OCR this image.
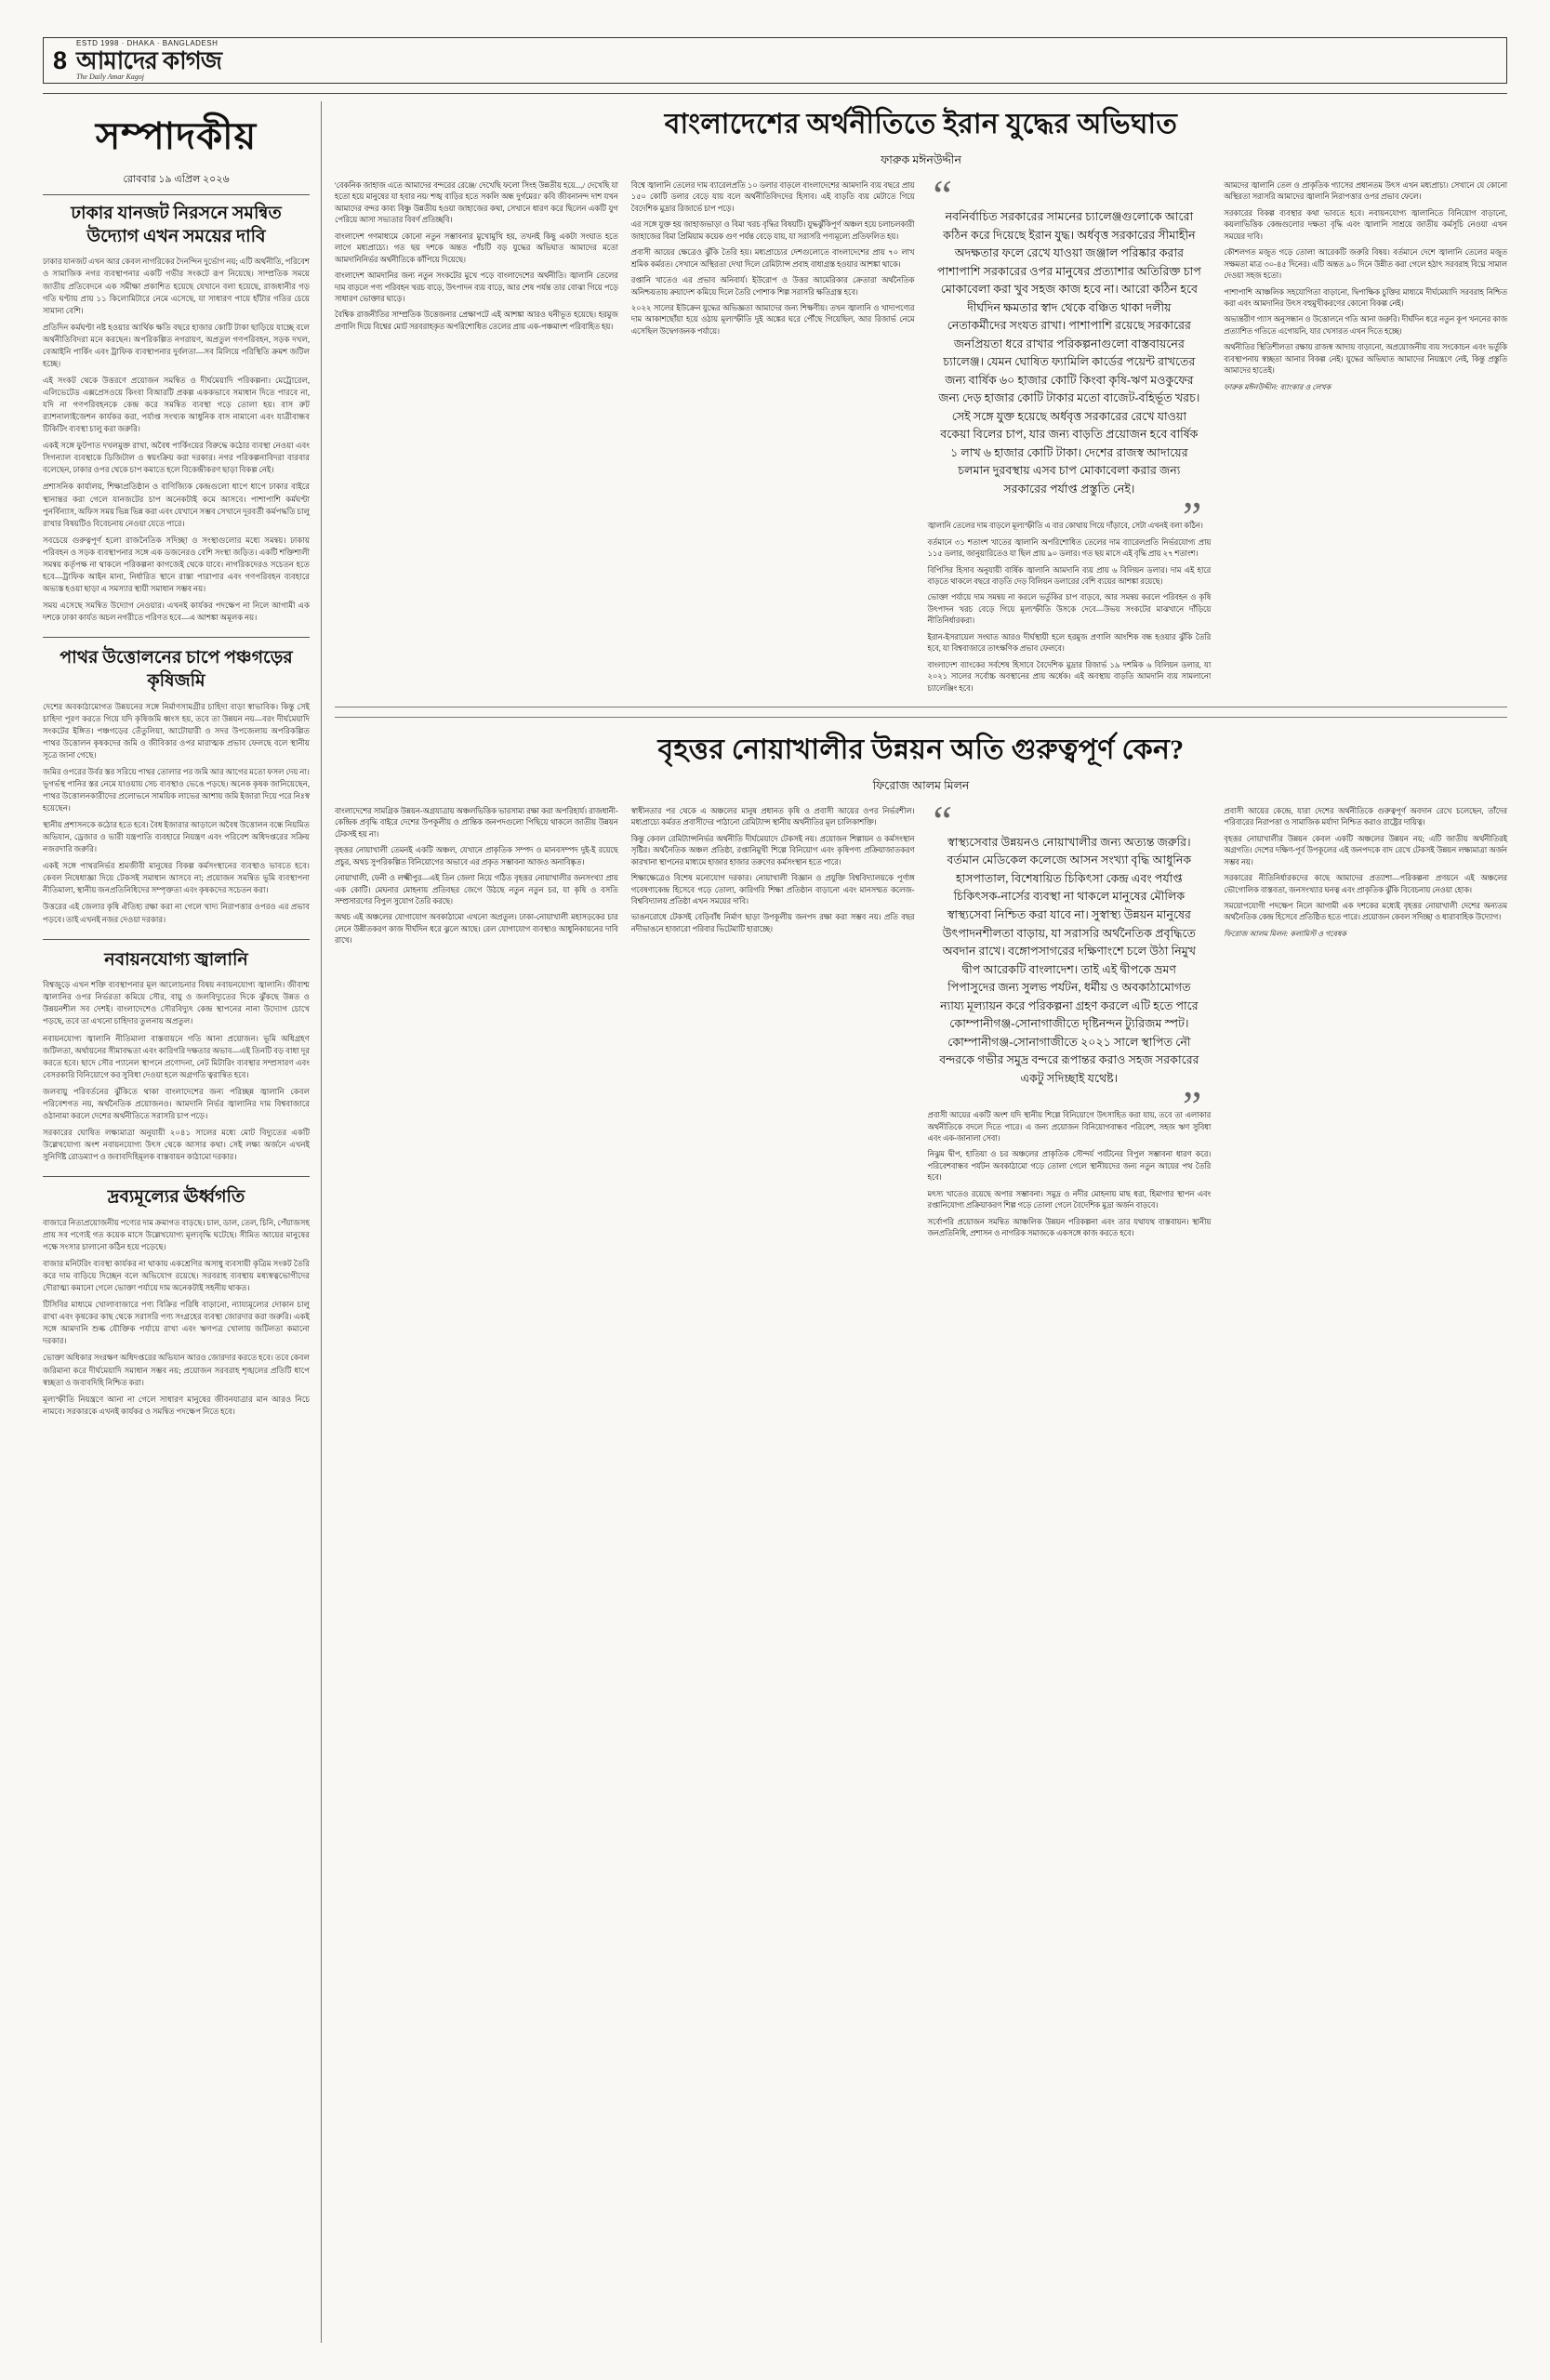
8
ESTD 1998 · DHAKA · BANGLADESH
আমাদের কাগজ
The Daily Amar Kagoj
সম্পাদকীয়
রোববার ১৯ এপ্রিল ২০২৬
ঢাকার যানজট নিরসনে সমন্বিত উদ্যোগ এখন সময়ের দাবি

ঢাকার যানজট এখন আর কেবল নাগরিকের দৈনন্দিন দুর্ভোগ নয়; এটি অর্থনীতি, পরিবেশ ও সামাজিক নগর ব্যবস্থাপনার একটি গভীর সংকটে রূপ নিয়েছে। সাম্প্রতিক সময়ে জাতীয় প্রতিবেদনে এক সমীক্ষা প্রকাশিত হয়েছে যেখানে বলা হয়েছে, রাজধানীর গড় গতি ঘণ্টায় প্রায় ১১ কিলোমিটারে নেমে এসেছে, যা সাধারণ পায়ে হাঁটার গতির চেয়ে সামান্য বেশি।

প্রতিদিন কর্মঘণ্টা নষ্ট হওয়ার আর্থিক ক্ষতি বছরে হাজার কোটি টাকা ছাড়িয়ে যাচ্ছে বলে অর্থনীতিবিদরা মনে করছেন। অপরিকল্পিত নগরায়ণ, অপ্রতুল গণপরিবহন, সড়ক দখল, বেআইনি পার্কিং এবং ট্রাফিক ব্যবস্থাপনার দুর্বলতা—সব মিলিয়ে পরিস্থিতি ক্রমশ জটিল হচ্ছে।

এই সংকট থেকে উত্তরণে প্রয়োজন সমন্বিত ও দীর্ঘমেয়াদি পরিকল্পনা। মেট্রোরেল, এলিভেটেড এক্সপ্রেসওয়ে কিংবা বিআরটি প্রকল্প এককভাবে সমাধান দিতে পারবে না, যদি না গণপরিবহনকে কেন্দ্র করে সমন্বিত ব্যবস্থা গড়ে তোলা হয়। বাস রুট র‍্যাশনালাইজেশন কার্যকর করা, পর্যাপ্ত সংখ্যক আধুনিক বাস নামানো এবং যাত্রীবান্ধব টিকিটিং ব্যবস্থা চালু করা জরুরি।

একই সঙ্গে ফুটপাত দখলমুক্ত রাখা, অবৈধ পার্কিংয়ের বিরুদ্ধে কঠোর ব্যবস্থা নেওয়া এবং সিগন্যাল ব্যবস্থাকে ডিজিটাল ও স্বয়ংক্রিয় করা দরকার। নগর পরিকল্পনাবিদরা বারবার বলেছেন, ঢাকার ওপর থেকে চাপ কমাতে হলে বিকেন্দ্রীকরণ ছাড়া বিকল্প নেই।

প্রশাসনিক কার্যালয়, শিক্ষাপ্রতিষ্ঠান ও বাণিজ্যিক কেন্দ্রগুলো ধাপে ধাপে ঢাকার বাইরে স্থানান্তর করা গেলে যানজটের চাপ অনেকটাই কমে আসবে। পাশাপাশি কর্মঘণ্টা পুনর্বিন্যাস, অফিস সময় ভিন্ন ভিন্ন করা এবং যেখানে সম্ভব সেখানে দূরবর্তী কর্মপদ্ধতি চালু রাখার বিষয়টিও বিবেচনায় নেওয়া যেতে পারে।

সবচেয়ে গুরুত্বপূর্ণ হলো রাজনৈতিক সদিচ্ছা ও সংস্থাগুলোর মধ্যে সমন্বয়। ঢাকায় পরিবহন ও সড়ক ব্যবস্থাপনার সঙ্গে এক ডজনেরও বেশি সংস্থা জড়িত। একটি শক্তিশালী সমন্বয় কর্তৃপক্ষ না থাকলে পরিকল্পনা কাগজেই থেকে যাবে। নাগরিকদেরও সচেতন হতে হবে—ট্রাফিক আইন মানা, নির্ধারিত স্থানে রাস্তা পারাপার এবং গণপরিবহন ব্যবহারে অভ্যস্ত হওয়া ছাড়া এ সমস্যার স্থায়ী সমাধান সম্ভব নয়।

সময় এসেছে সমন্বিত উদ্যোগ নেওয়ার। এখনই কার্যকর পদক্ষেপ না নিলে আগামী এক দশকে ঢাকা কার্যত অচল নগরীতে পরিণত হবে—এ আশঙ্কা অমূলক নয়।

পাথর উত্তোলনের চাপে পঞ্চগড়ের কৃষিজমি

দেশের অবকাঠামোগত উন্নয়নের সঙ্গে নির্মাণসামগ্রীর চাহিদা বাড়া স্বাভাবিক। কিন্তু সেই চাহিদা পূরণ করতে গিয়ে যদি কৃষিজমি ধ্বংস হয়, তবে তা উন্নয়ন নয়—বরং দীর্ঘমেয়াদি সংকটের ইঙ্গিত। পঞ্চগড়ের তেঁতুলিয়া, আটোয়ারী ও সদর উপজেলায় অপরিকল্পিত পাথর উত্তোলন কৃষকদের জমি ও জীবিকার ওপর মারাত্মক প্রভাব ফেলছে বলে স্থানীয় সূত্রে জানা গেছে।

জমির ওপরের উর্বর স্তর সরিয়ে পাথর তোলার পর জমি আর আগের মতো ফসল দেয় না। ভূগর্ভস্থ পানির স্তর নেমে যাওয়ায় সেচ ব্যবস্থাও ভেঙে পড়ছে। অনেক কৃষক জানিয়েছেন, পাথর উত্তোলনকারীদের প্রলোভনে সাময়িক লাভের আশায় জমি ইজারা দিয়ে পরে নিঃস্ব হয়েছেন।

স্থানীয় প্রশাসনকে কঠোর হতে হবে। বৈধ ইজারার আড়ালে অবৈধ উত্তোলন বন্ধে নিয়মিত অভিযান, ড্রেজার ও ভারী যন্ত্রপাতি ব্যবহারে নিয়ন্ত্রণ এবং পরিবেশ অধিদপ্তরের সক্রিয় নজরদারি জরুরি।

একই সঙ্গে পাথরনির্ভর শ্রমজীবী মানুষের বিকল্প কর্মসংস্থানের ব্যবস্থাও ভাবতে হবে। কেবল নিষেধাজ্ঞা দিয়ে টেকসই সমাধান আসবে না; প্রয়োজন সমন্বিত ভূমি ব্যবস্থাপনা নীতিমালা, স্থানীয় জনপ্রতিনিধিদের সম্পৃক্ততা এবং কৃষকদের সচেতন করা।

উত্তরের এই জেলার কৃষি ঐতিহ্য রক্ষা করা না গেলে খাদ্য নিরাপত্তার ওপরও এর প্রভাব পড়বে। তাই এখনই নজর দেওয়া দরকার।

নবায়নযোগ্য জ্বালানি

বিশ্বজুড়ে এখন শক্তি ব্যবস্থাপনার মূল আলোচনার বিষয় নবায়নযোগ্য জ্বালানি। জীবাশ্ম জ্বালানির ওপর নির্ভরতা কমিয়ে সৌর, বায়ু ও জলবিদ্যুতের দিকে ঝুঁকছে উন্নত ও উন্নয়নশীল সব দেশই। বাংলাদেশেও সৌরবিদ্যুৎ কেন্দ্র স্থাপনের নানা উদ্যোগ চোখে পড়ছে, তবে তা এখনো চাহিদার তুলনায় অপ্রতুল।

নবায়নযোগ্য জ্বালানি নীতিমালা বাস্তবায়নে গতি আনা প্রয়োজন। ভূমি অধিগ্রহণ জটিলতা, অর্থায়নের সীমাবদ্ধতা এবং কারিগরি দক্ষতার অভাব—এই তিনটি বড় বাধা দূর করতে হবে। ছাদে সৌর প্যানেল স্থাপনে প্রণোদনা, নেট মিটারিং ব্যবস্থার সম্প্রসারণ এবং বেসরকারি বিনিয়োগে কর সুবিধা দেওয়া হলে অগ্রগতি ত্বরান্বিত হবে।

জলবায়ু পরিবর্তনের ঝুঁকিতে থাকা বাংলাদেশের জন্য পরিচ্ছন্ন জ্বালানি কেবল পরিবেশগত নয়, অর্থনৈতিক প্রয়োজনও। আমদানি নির্ভর জ্বালানির দাম বিশ্ববাজারে ওঠানামা করলে দেশের অর্থনীতিতে সরাসরি চাপ পড়ে।

সরকারের ঘোষিত লক্ষ্যমাত্রা অনুযায়ী ২০৪১ সালের মধ্যে মোট বিদ্যুতের একটি উল্লেখযোগ্য অংশ নবায়নযোগ্য উৎস থেকে আসার কথা। সেই লক্ষ্য অর্জনে এখনই সুনির্দিষ্ট রোডম্যাপ ও জবাবদিহিমূলক বাস্তবায়ন কাঠামো দরকার।

দ্রব্যমূল্যের ঊর্ধ্বগতি

বাজারে নিত্যপ্রয়োজনীয় পণ্যের দাম ক্রমাগত বাড়ছে। চাল, ডাল, তেল, চিনি, পেঁয়াজসহ প্রায় সব পণ্যেই গত কয়েক মাসে উল্লেখযোগ্য মূল্যবৃদ্ধি ঘটেছে। সীমিত আয়ের মানুষের পক্ষে সংসার চালানো কঠিন হয়ে পড়েছে।

বাজার মনিটরিং ব্যবস্থা কার্যকর না থাকায় একশ্রেণির অসাধু ব্যবসায়ী কৃত্রিম সংকট তৈরি করে দাম বাড়িয়ে দিচ্ছেন বলে অভিযোগ রয়েছে। সরবরাহ ব্যবস্থায় মধ্যস্বত্বভোগীদের দৌরাত্ম্য কমানো গেলে ভোক্তা পর্যায়ে দাম অনেকটাই সহনীয় থাকত।

টিসিবির মাধ্যমে খোলাবাজারে পণ্য বিক্রির পরিধি বাড়ানো, ন্যায্যমূল্যের দোকান চালু রাখা এবং কৃষকের কাছ থেকে সরাসরি পণ্য সংগ্রহের ব্যবস্থা জোরদার করা জরুরি। একই সঙ্গে আমদানি শুল্ক যৌক্তিক পর্যায়ে রাখা এবং ঋণপত্র খোলায় জটিলতা কমানো দরকার।

ভোক্তা অধিকার সংরক্ষণ অধিদপ্তরের অভিযান আরও জোরদার করতে হবে। তবে কেবল জরিমানা করে দীর্ঘমেয়াদি সমাধান সম্ভব নয়; প্রয়োজন সরবরাহ শৃঙ্খলের প্রতিটি ধাপে স্বচ্ছতা ও জবাবদিহি নিশ্চিত করা।

মূল্যস্ফীতি নিয়ন্ত্রণে আনা না গেলে সাধারণ মানুষের জীবনযাত্রার মান আরও নিচে নামবে। সরকারকে এখনই কার্যকর ও সমন্বিত পদক্ষেপ নিতে হবে।

বাংলাদেশের অর্থনীতিতে ইরান যুদ্ধের অভিঘাত
ফারুক মঈনউদ্দীন

'বেকনিক জাহাজ এতে আমাদের বন্দরের রেঞ্জে/ দেখেছি ফলো সিংহ উন্নতীয় হয়ে...,/ দেখেছি যা হতো হয়ে মানুষের যা হবার নয়/ শঙ্খ বাড়ির হতে সকলি অন্ধ দুর্গমের।' কবি জীবনানন্দ দাশ যখন আমাদের বন্দর কাব্য বিষ্ণু উন্নতীয় হওয়া জাহাজের কথা, সেখানে ধারণ করে ছিলেন একটি যুগ পেরিয়ে আসা সভ্যতার বিবর্ণ প্রতিচ্ছবি।

বাংলাদেশ গণমাধ্যমে কোনো নতুন সম্ভাবনার মুখোমুখি হয়, তখনই কিছু একটা সংঘাত হতে লাগে মধ্যপ্রাচ্যে। গত ছয় দশকে অন্তত পাঁচটি বড় যুদ্ধের অভিঘাত আমাদের মতো আমদানিনির্ভর অর্থনীতিকে কাঁপিয়ে দিয়েছে।

বাংলাদেশ আমদানির জন্য নতুন সংকটের মুখে পড়ে বাংলাদেশের অর্থনীতি। জ্বালানি তেলের দাম বাড়লে পণ্য পরিবহন খরচ বাড়ে, উৎপাদন ব্যয় বাড়ে, আর শেষ পর্যন্ত তার বোঝা গিয়ে পড়ে সাধারণ ভোক্তার ঘাড়ে।

বৈশ্বিক রাজনীতির সাম্প্রতিক উত্তেজনার প্রেক্ষাপটে এই আশঙ্কা আরও ঘনীভূত হয়েছে। হরমুজ প্রণালি দিয়ে বিশ্বের মোট সরবরাহকৃত অপরিশোধিত তেলের প্রায় এক-পঞ্চমাংশ পরিবাহিত হয়।

বিশ্বে জ্বালানি তেলের দাম ব্যারেলপ্রতি ১০ ডলার বাড়লে বাংলাদেশের আমদানি ব্যয় বছরে প্রায় ১৫০ কোটি ডলার বেড়ে যায় বলে অর্থনীতিবিদদের হিসাব। এই বাড়তি ব্যয় মেটাতে গিয়ে বৈদেশিক মুদ্রার রিজার্ভে চাপ পড়ে।

এর সঙ্গে যুক্ত হয় জাহাজভাড়া ও বিমা খরচ বৃদ্ধির বিষয়টি। যুদ্ধঝুঁকিপূর্ণ অঞ্চল হয়ে চলাচলকারী জাহাজের বিমা প্রিমিয়াম কয়েক গুণ পর্যন্ত বেড়ে যায়, যা সরাসরি পণ্যমূল্যে প্রতিফলিত হয়।

প্রবাসী আয়ের ক্ষেত্রেও ঝুঁকি তৈরি হয়। মধ্যপ্রাচ্যের দেশগুলোতে বাংলাদেশের প্রায় ৭০ লাখ শ্রমিক কর্মরত। সেখানে অস্থিরতা দেখা দিলে রেমিট্যান্স প্রবাহ বাধাগ্রস্ত হওয়ার আশঙ্কা থাকে।

রপ্তানি খাতেও এর প্রভাব অনিবার্য। ইউরোপ ও উত্তর আমেরিকার ক্রেতারা অর্থনৈতিক অনিশ্চয়তায় ক্রয়াদেশ কমিয়ে দিলে তৈরি পোশাক শিল্প সরাসরি ক্ষতিগ্রস্ত হবে।

২০২২ সালের ইউক্রেন যুদ্ধের অভিজ্ঞতা আমাদের জন্য শিক্ষণীয়। তখন জ্বালানি ও খাদ্যপণ্যের দাম আকাশছোঁয়া হয়ে ওঠায় মূল্যস্ফীতি দুই অঙ্কের ঘরে পৌঁছে গিয়েছিল, আর রিজার্ভ নেমে এসেছিল উদ্বেগজনক পর্যায়ে।

“
নবনির্বাচিত সরকারের সামনের চ্যালেঞ্জগুলোকে আরো কঠিন করে দিয়েছে ইরান যুদ্ধ। অর্ধবৃত্ত সরকারের সীমাহীন অদক্ষতার ফলে রেখে যাওয়া জঞ্জাল পরিষ্কার করার পাশাপাশি সরকারের ওপর মানুষের প্রত্যাশার অতিরিক্ত চাপ মোকাবেলা করা খুব সহজ কাজ হবে না। আরো কঠিন হবে দীর্ঘদিন ক্ষমতার স্বাদ থেকে বঞ্চিত থাকা দলীয় নেতাকর্মীদের সংযত রাখা। পাশাপাশি রয়েছে সরকারের জনপ্রিয়তা ধরে রাখার পরিকল্পনাগুলো বাস্তবায়নের চ্যালেঞ্জ। যেমন ঘোষিত ফ্যামিলি কার্ডের পয়েন্ট রাখতের জন্য বার্ষিক ৬০ হাজার কোটি কিংবা কৃষি-ঋণ মওকুফের জন্য দেড় হাজার কোটি টাকার মতো বাজেট-বহির্ভূত খরচ। সেই সঙ্গে যুক্ত হয়েছে অর্ধবৃত্ত সরকারের রেখে যাওয়া বকেয়া বিলের চাপ, যার জন্য বাড়তি প্রয়োজন হবে বার্ষিক ১ লাখ ৬ হাজার কোটি টাকা। দেশের রাজস্ব আদায়ের চলমান দুরবস্থায় এসব চাপ মোকাবেলা করার জন্য সরকারের পর্যাপ্ত প্রস্তুতি নেই।
”

জ্বালানি তেলের দাম বাড়লে মূল্যস্ফীতি এ বার কোথায় গিয়ে দাঁড়াবে, সেটা এখনই বলা কঠিন।

বর্তমানে ৩১ শতাংশ খাতের জ্বালানি অপরিশোধিত তেলের দাম ব্যারেলপ্রতি নির্ভরযোগ্য প্রায় ১১৫ ডলার, জানুয়ারিতেও যা ছিল প্রায় ৯০ ডলার। গত ছয় মাসে এই বৃদ্ধি প্রায় ২৭ শতাংশ।

বিপিসির হিসাব অনুযায়ী বার্ষিক জ্বালানি আমদানি ব্যয় প্রায় ৬ বিলিয়ন ডলার। দাম এই হারে বাড়তে থাকলে বছরে বাড়তি দেড় বিলিয়ন ডলারের বেশি ব্যয়ের আশঙ্কা রয়েছে।

ভোক্তা পর্যায়ে দাম সমন্বয় না করলে ভর্তুকির চাপ বাড়বে, আর সমন্বয় করলে পরিবহন ও কৃষি উৎপাদন খরচ বেড়ে গিয়ে মূল্যস্ফীতি উসকে দেবে—উভয় সংকটের মাঝখানে দাঁড়িয়ে নীতিনির্ধারকরা।

ইরান-ইসরায়েল সংঘাত আরও দীর্ঘস্থায়ী হলে হরমুজ প্রণালি আংশিক বন্ধ হওয়ার ঝুঁকি তৈরি হবে, যা বিশ্ববাজারে তাৎক্ষণিক প্রভাব ফেলবে।

বাংলাদেশ ব্যাংকের সর্বশেষ হিসাবে বৈদেশিক মুদ্রার রিজার্ভ ১৯ দশমিক ৬ বিলিয়ন ডলার, যা ২০২১ সালের সর্বোচ্চ অবস্থানের প্রায় অর্ধেক। এই অবস্থায় বাড়তি আমদানি ব্যয় সামলানো চ্যালেঞ্জিং হবে।

আমদের জ্বালানি তেল ও প্রাকৃতিক গ্যাসের প্রধানতম উৎস এখন মধ্যপ্রাচ্য। সেখানে যে কোনো অস্থিরতা সরাসরি আমাদের জ্বালানি নিরাপত্তার ওপর প্রভাব ফেলে।

সরকারের বিকল্প ব্যবস্থার কথা ভাবতে হবে। নবায়নযোগ্য জ্বালানিতে বিনিয়োগ বাড়ানো, কয়লাভিত্তিক কেন্দ্রগুলোর দক্ষতা বৃদ্ধি এবং জ্বালানি সাশ্রয়ে জাতীয় কর্মসূচি নেওয়া এখন সময়ের দাবি।

কৌশলগত মজুত গড়ে তোলা আরেকটি জরুরি বিষয়। বর্তমানে দেশে জ্বালানি তেলের মজুত সক্ষমতা মাত্র ৩০-৪৫ দিনের। এটি অন্তত ৯০ দিনে উন্নীত করা গেলে হঠাৎ সরবরাহ বিঘ্নে সামাল দেওয়া সহজ হতো।

পাশাপাশি আঞ্চলিক সহযোগিতা বাড়ানো, দ্বিপাক্ষিক চুক্তির মাধ্যমে দীর্ঘমেয়াদি সরবরাহ নিশ্চিত করা এবং আমদানির উৎস বহুমুখীকরণের কোনো বিকল্প নেই।

অভ্যন্তরীণ গ্যাস অনুসন্ধান ও উত্তোলনে গতি আনা জরুরি। দীর্ঘদিন ধরে নতুন কূপ খননের কাজ প্রত্যাশিত গতিতে এগোয়নি, যার খেসারত এখন দিতে হচ্ছে।

অর্থনীতির স্থিতিশীলতা রক্ষায় রাজস্ব আদায় বাড়ানো, অপ্রয়োজনীয় ব্যয় সংকোচন এবং ভর্তুকি ব্যবস্থাপনায় স্বচ্ছতা আনার বিকল্প নেই। যুদ্ধের অভিঘাত আমাদের নিয়ন্ত্রণে নেই, কিন্তু প্রস্তুতি আমাদের হাতেই।

ফারুক মঈনউদ্দীন: ব্যাংকার ও লেখক

বৃহত্তর নোয়াখালীর উন্নয়ন অতি গুরুত্বপূর্ণ কেন?
ফিরোজ আলম মিলন

বাংলাদেশের সামগ্রিক উন্নয়ন-অগ্রযাত্রায় অঞ্চলভিত্তিক ভারসাম্য রক্ষা করা অপরিহার্য। রাজধানী-কেন্দ্রিক প্রবৃদ্ধি বাইরে দেশের উপকূলীয় ও প্রান্তিক জনপদগুলো পিছিয়ে থাকলে জাতীয় উন্নয়ন টেকসই হয় না।

বৃহত্তর নোয়াখালী তেমনই একটি অঞ্চল, যেখানে প্রাকৃতিক সম্পদ ও মানবসম্পদ দুই-ই রয়েছে প্রচুর, অথচ সুপরিকল্পিত বিনিয়োগের অভাবে এর প্রকৃত সম্ভাবনা আজও অনাবিষ্কৃত।

নোয়াখালী, ফেনী ও লক্ষ্মীপুর—এই তিন জেলা নিয়ে গঠিত বৃহত্তর নোয়াখালীর জনসংখ্যা প্রায় এক কোটি। মেঘনার মোহনায় প্রতিবছর জেগে উঠছে নতুন নতুন চর, যা কৃষি ও বসতি সম্প্রসারণের বিপুল সুযোগ তৈরি করছে।

অথচ এই অঞ্চলের যোগাযোগ অবকাঠামো এখনো অপ্রতুল। ঢাকা-নোয়াখালী মহাসড়কের চার লেনে উন্নীতকরণ কাজ দীর্ঘদিন ধরে ঝুলে আছে। রেল যোগাযোগ ব্যবস্থাও আধুনিকায়নের দাবি রাখে।

স্বাধীনতার পর থেকে এ অঞ্চলের মানুষ প্রধানত কৃষি ও প্রবাসী আয়ের ওপর নির্ভরশীল। মধ্যপ্রাচ্যে কর্মরত প্রবাসীদের পাঠানো রেমিট্যান্স স্থানীয় অর্থনীতির মূল চালিকাশক্তি।

কিন্তু কেবল রেমিট্যান্সনির্ভর অর্থনীতি দীর্ঘমেয়াদে টেকসই নয়। প্রয়োজন শিল্পায়ন ও কর্মসংস্থান সৃষ্টির। অর্থনৈতিক অঞ্চল প্রতিষ্ঠা, রপ্তানিমুখী শিল্পে বিনিয়োগ এবং কৃষিপণ্য প্রক্রিয়াজাতকরণ কারখানা স্থাপনের মাধ্যমে হাজার হাজার তরুণের কর্মসংস্থান হতে পারে।

শিক্ষাক্ষেত্রেও বিশেষ মনোযোগ দরকার। নোয়াখালী বিজ্ঞান ও প্রযুক্তি বিশ্ববিদ্যালয়কে পূর্ণাঙ্গ গবেষণাকেন্দ্র হিসেবে গড়ে তোলা, কারিগরি শিক্ষা প্রতিষ্ঠান বাড়ানো এবং মানসম্মত কলেজ-বিশ্ববিদ্যালয় প্রতিষ্ঠা এখন সময়ের দাবি।

ভাঙনরোধে টেকসই বেড়িবাঁধ নির্মাণ ছাড়া উপকূলীয় জনপদ রক্ষা করা সম্ভব নয়। প্রতি বছর নদীভাঙনে হাজারো পরিবার ভিটেমাটি হারাচ্ছে।

“
স্বাস্থ্যসেবার উন্নয়নও নোয়াখালীর জন্য অত্যন্ত জরুরি। বর্তমান মেডিকেল কলেজে আসন সংখ্যা বৃদ্ধি আধুনিক হাসপাতাল, বিশেষায়িত চিকিৎসা কেন্দ্র এবং পর্যাপ্ত চিকিৎসক-নার্সের ব্যবস্থা না থাকলে মানুষের মৌলিক স্বাস্থ্যসেবা নিশ্চিত করা যাবে না। সুস্বাস্থ্য উন্নয়ন মানুষের উৎপাদনশীলতা বাড়ায়, যা সরাসরি অর্থনৈতিক প্রবৃদ্ধিতে অবদান রাখে। বঙ্গোপসাগরের দক্ষিণাংশে চলে উঠা নিমুখ দ্বীপ আরেকটি বাংলাদেশ। তাই এই দ্বীপকে ভ্রমণ পিপাসুদের জন্য সুলভ পর্যটন, ধর্মীয় ও অবকাঠামোগত ন্যায্য মূল্যায়ন করে পরিকল্পনা গ্রহণ করলে এটি হতে পারে কোম্পানীগঞ্জ-সোনাগাজীতে দৃষ্টিনন্দন ট্যুরিজম স্পট। কোম্পানীগঞ্জ-সোনাগাজীতে ২০২১ সালে স্থাপিত নৌ বন্দরকে গভীর সমুদ্র বন্দরে রূপান্তর করাও সহজ সরকারের একটু সদিচ্ছাই যথেষ্ট।
”

প্রবাসী আয়ের একটি অংশ যদি স্থানীয় শিল্পে বিনিয়োগে উৎসাহিত করা যায়, তবে তা এলাকার অর্থনীতিকে বদলে দিতে পারে। এ জন্য প্রয়োজন বিনিয়োগবান্ধব পরিবেশ, সহজ ঋণ সুবিধা এবং এক-জানালা সেবা।

নিঝুম দ্বীপ, হাতিয়া ও চর অঞ্চলের প্রাকৃতিক সৌন্দর্য পর্যটনের বিপুল সম্ভাবনা ধারণ করে। পরিবেশবান্ধব পর্যটন অবকাঠামো গড়ে তোলা গেলে স্থানীয়দের জন্য নতুন আয়ের পথ তৈরি হবে।

মৎস্য খাতেও রয়েছে অপার সম্ভাবনা। সমুদ্র ও নদীর মোহনায় মাছ ধরা, হিমাগার স্থাপন এবং রপ্তানিযোগ্য প্রক্রিয়াকরণ শিল্প গড়ে তোলা গেলে বৈদেশিক মুদ্রা অর্জন বাড়বে।

সর্বোপরি প্রয়োজন সমন্বিত আঞ্চলিক উন্নয়ন পরিকল্পনা এবং তার যথাযথ বাস্তবায়ন। স্থানীয় জনপ্রতিনিধি, প্রশাসন ও নাগরিক সমাজকে একসঙ্গে কাজ করতে হবে।

প্রবাসী আয়ের কেন্দ্রে, যারা দেশের অর্থনীতিকে গুরুত্বপূর্ণ অবদান রেখে চলেছেন, তাঁদের পরিবারের নিরাপত্তা ও সামাজিক মর্যাদা নিশ্চিত করাও রাষ্ট্রের দায়িত্ব।

বৃহত্তর নোয়াখালীর উন্নয়ন কেবল একটি অঞ্চলের উন্নয়ন নয়; এটি জাতীয় অর্থনীতিরই অগ্রগতি। দেশের দক্ষিণ-পূর্ব উপকূলের এই জনপদকে বাদ রেখে টেকসই উন্নয়ন লক্ষ্যমাত্রা অর্জন সম্ভব নয়।

সরকারের নীতিনির্ধারকদের কাছে আমাদের প্রত্যাশা—পরিকল্পনা প্রণয়নে এই অঞ্চলের ভৌগোলিক বাস্তবতা, জনসংখ্যার ঘনত্ব এবং প্রাকৃতিক ঝুঁকি বিবেচনায় নেওয়া হোক।

সময়োপযোগী পদক্ষেপ নিলে আগামী এক দশকের মধ্যেই বৃহত্তর নোয়াখালী দেশের অন্যতম অর্থনৈতিক কেন্দ্র হিসেবে প্রতিষ্ঠিত হতে পারে। প্রয়োজন কেবল সদিচ্ছা ও ধারাবাহিক উদ্যোগ।

ফিরোজ আলম মিলন: কলামিস্ট ও গবেষক
